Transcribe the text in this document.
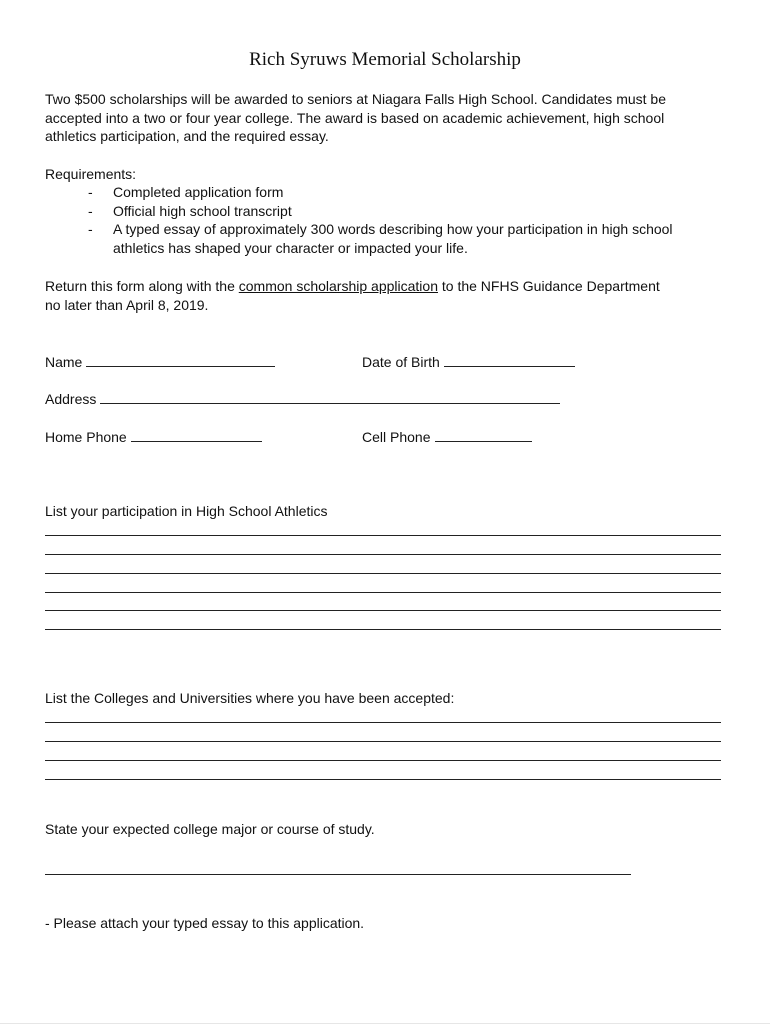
Rich Syruws Memorial Scholarship
Two $500 scholarships will be awarded to seniors at Niagara Falls High School. Candidates must be
accepted into a two or four year college. The award is based on academic achievement, high school
athletics participation, and the required essay.
Requirements:
- Completed application form
- Official high school transcript
- A typed essay of approximately 300 words describing how your participation in high school
athletics has shaped your character or impacted your life.
Return this form along with the common scholarship application to the NFHS Guidance Department
no later than April 8, 2019.
Name	Date of Birth
Address
Home Phone	Cell Phone
List your participation in High School Athletics
List the Colleges and Universities where you have been accepted:
State your expected college major or course of study.
- Please attach your typed essay to this application.
